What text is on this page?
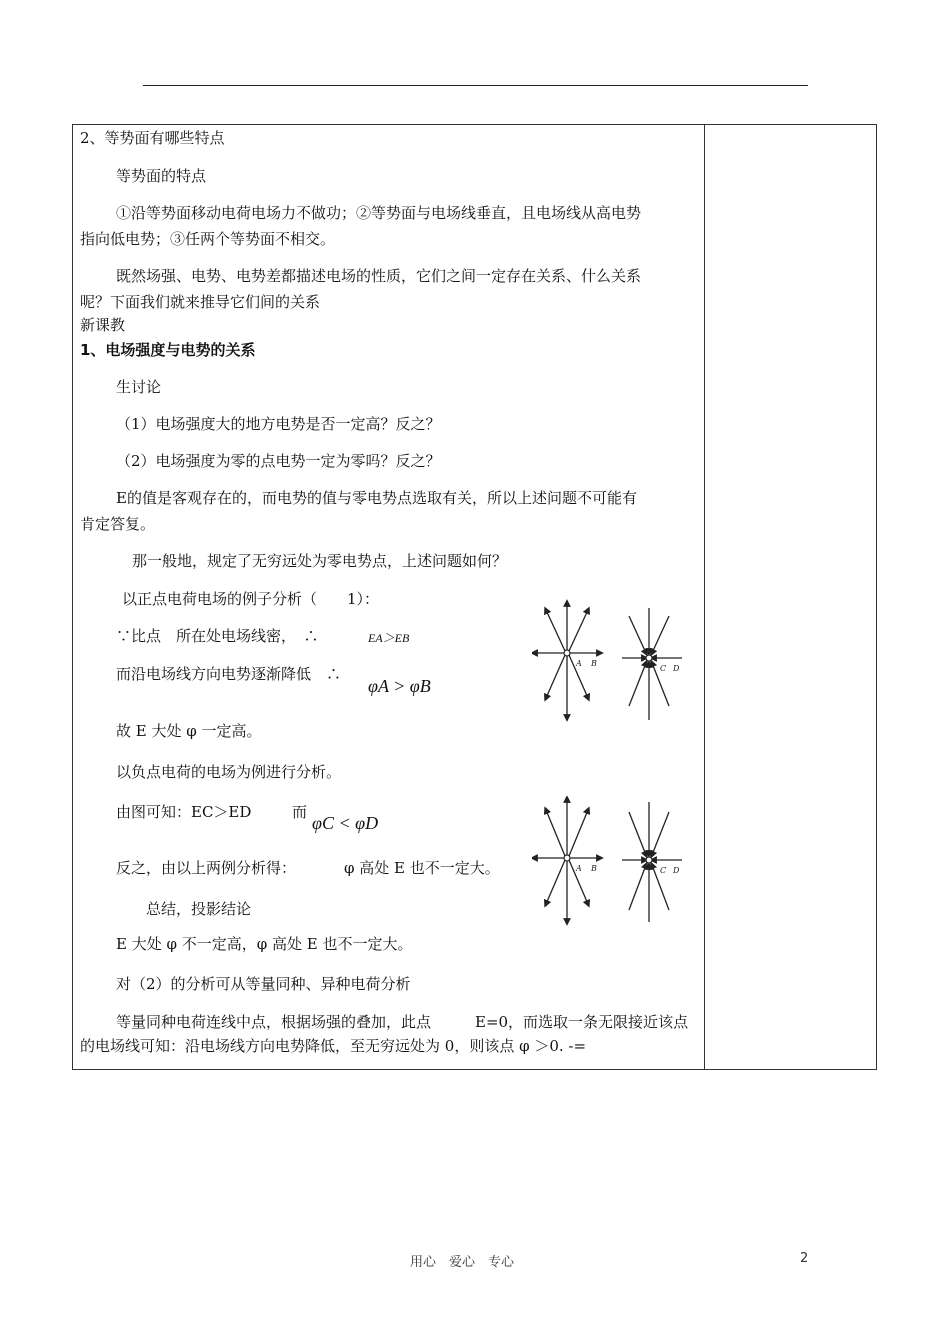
2、等势面有哪些特点
等势面的特点
①沿等势面移动电荷电场力不做功；②等势面与电场线垂直，且电场线从高电势
指向低电势；③任两个等势面不相交。
既然场强、电势、电势差都描述电场的性质，它们之间一定存在关系、什么关系
呢？下面我们就来推导它们间的关系
新课教
1、电场强度与电势的关系
生讨论
（1）电场强度大的地方电势是否一定高？反之？
（2）电场强度为零的点电势一定为零吗？反之？
E的值是客观存在的，而电势的值与零电势点选取有关，所以上述问题不可能有
肯定答复。
那一般地，规定了无穷远处为零电势点，上述问题如何？
以正点电荷电场的例子分析（　　1）：
∵比点　所在处电场线密，　∴	EA＞EB
而沿电场线方向电势逐渐降低　∴
φA > φB
故 E 大处 φ 一定高。
以负点电荷的电场为例进行分析。
由图可知：EC＞ED	而
φC < φD
反之，由以上两例分析得：	φ 高处 E 也不一定大。
总结，投影结论
E 大处 φ 不一定高，φ 高处 E 也不一定大。
对（2）的分析可从等量同种、异种电荷分析
等量同种电荷连线中点，根据场强的叠加，此点	E=0，而选取一条无限接近该点
的电场线可知：沿电场线方向电势降低，至无穷远处为 0，则该点 φ ＞0. -=
A B
C D
A B	C D
用心　爱心　专心	2
